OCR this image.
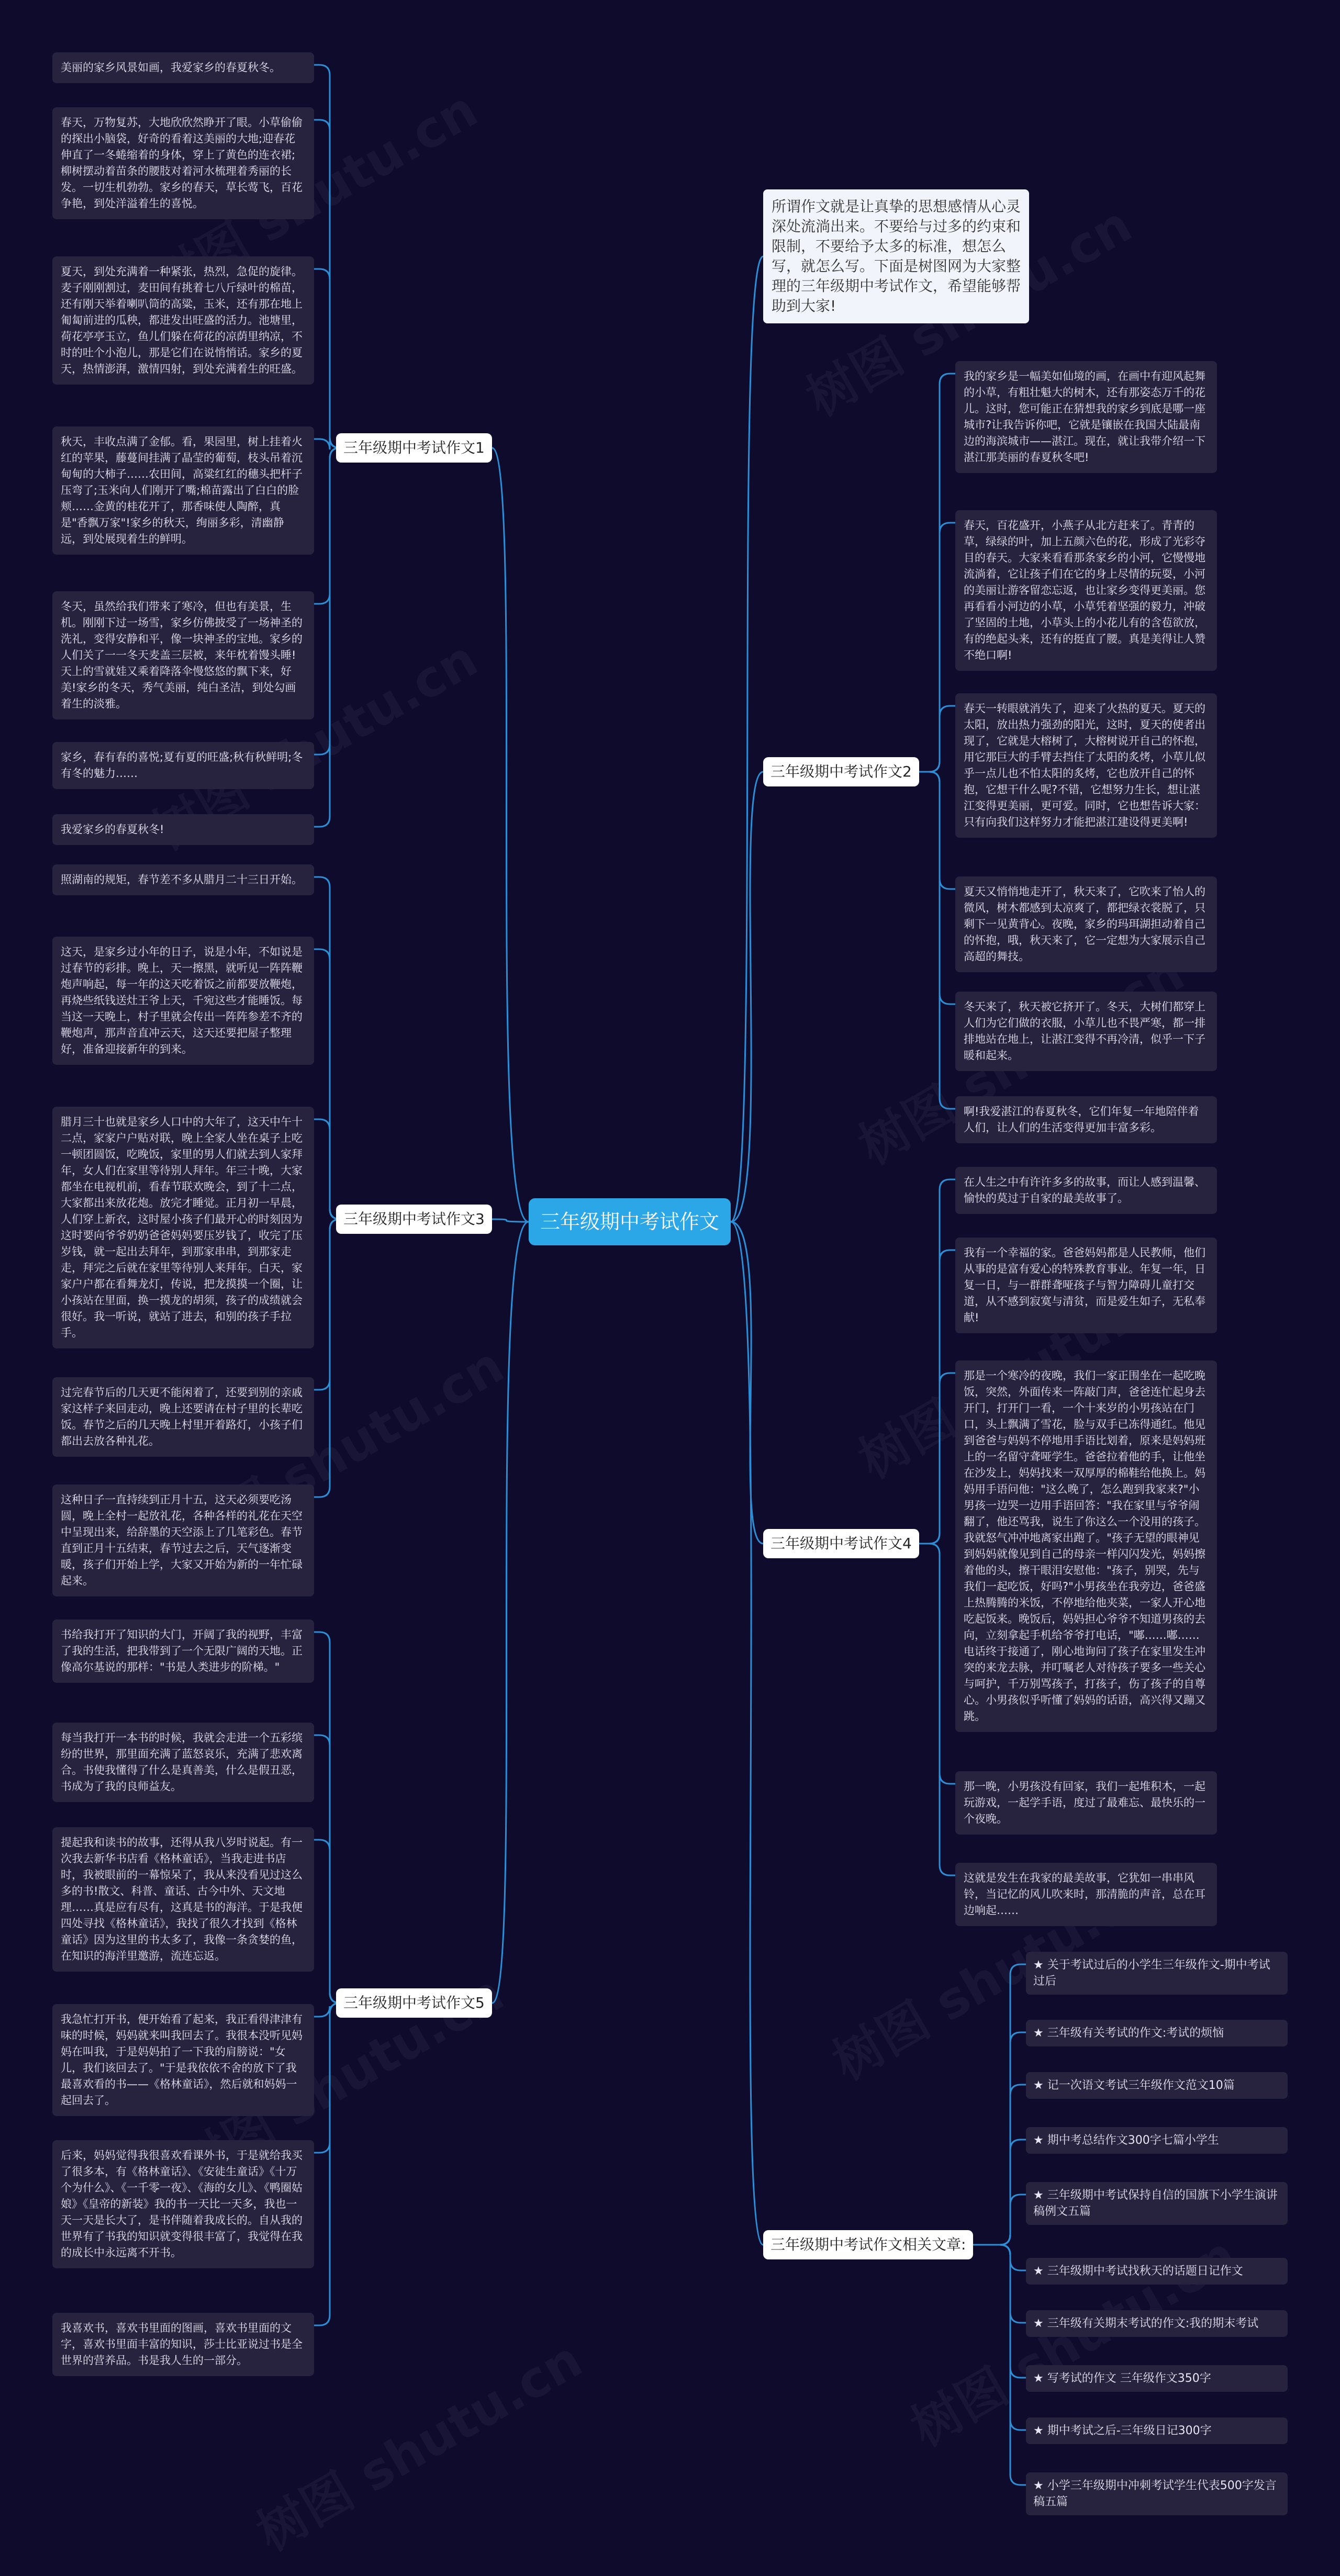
三年级期中考试作文
所谓作文就是让真挚的思想感情从心灵深处流淌出来。不要给与过多的约束和限制，不要给予太多的标准，想怎么写，就怎么写。下面是树图网为大家整理的三年级期中考试作文，希望能够帮助到大家!
三年级期中考试作文1
三年级期中考试作文2
三年级期中考试作文3
三年级期中考试作文4
三年级期中考试作文5
三年级期中考试作文相关文章:
美丽的家乡风景如画，我爱家乡的春夏秋冬。
春天，万物复苏，大地欣欣然睁开了眼。小草偷偷的探出小脑袋，好奇的看着这美丽的大地;迎春花伸直了一冬蜷缩着的身体，穿上了黄色的连衣裙;柳树摆动着苗条的腰肢对着河水梳理着秀丽的长发。一切生机勃勃。家乡的春天，草长莺飞，百花争艳，到处洋溢着生的喜悦。
夏天，到处充满着一种紧张，热烈，急促的旋律。麦子刚刚割过，麦田间有挑着七八斤绿叶的棉苗，还有刚天举着喇叭筒的高粱，玉米，还有那在地上匍匐前进的瓜秧，都进发出旺盛的活力。池塘里，荷花亭亭玉立，鱼儿们躲在荷花的凉荫里纳凉，不时的吐个小泡儿，那是它们在说悄悄话。家乡的夏天，热情澎湃，激情四射，到处充满着生的旺盛。
秋天，丰收点满了金郁。看，果园里，树上挂着火红的苹果，藤蔓间挂满了晶莹的葡萄，枝头吊着沉甸甸的大柿子……农田间，高粱红红的穗头把杆子压弯了;玉米向人们刚开了嘴;棉苗露出了白白的脸颊……金黄的桂花开了，那香味使人陶醉，真是"香飘万家"!家乡的秋天，绚丽多彩，清幽静远，到处展现着生的鲜明。
冬天，虽然给我们带来了寒冷，但也有美景，生机。刚刚下过一场雪，家乡仿佛披受了一场神圣的洗礼，变得安静和平，像一块神圣的宝地。家乡的人们关了一一冬天麦盖三层被，来年枕着馒头睡!天上的雪就娃又乘着降落伞慢悠悠的飘下来，好美!家乡的冬天，秀气美丽，纯白圣洁，到处勾画着生的淡雅。
家乡，春有春的喜悦;夏有夏的旺盛;秋有秋鲜明;冬有冬的魅力……
我爱家乡的春夏秋冬!
我的家乡是一幅美如仙境的画，在画中有迎风起舞的小草，有粗壮魁大的树木，还有那姿态万千的花儿。这时，您可能正在猜想我的家乡到底是哪一座城市?让我告诉你吧，它就是镶嵌在我国大陆最南边的海滨城市——湛江。现在，就让我带介绍一下湛江那美丽的春夏秋冬吧!
春天，百花盛开，小燕子从北方赶来了。青青的草，绿绿的叶，加上五颜六色的花，形成了光彩夺目的春天。大家来看看那条家乡的小河，它慢慢地流淌着，它让孩子们在它的身上尽情的玩耍，小河的美丽让游客留恋忘返，也让家乡变得更美丽。您再看看小河边的小草，小草凭着坚强的毅力，冲破了坚固的土地，小草头上的小花儿有的含苞欲放，有的绝起头来，还有的挺直了腰。真是美得让人赞不绝口啊!
春天一转眼就消失了，迎来了火热的夏天。夏天的太阳，放出热力强劲的阳光，这时，夏天的使者出现了，它就是大榕树了，大榕树说开自己的怀抱，用它那巨大的手臂去挡住了太阳的炙烤，小草儿似乎一点儿也不怕太阳的炙烤，它也放开自己的怀抱，它想干什么呢?不错，它想努力生长，想让湛江变得更美丽，更可爱。同时，它也想告诉大家：只有向我们这样努力才能把湛江建设得更美啊!
夏天又悄悄地走开了，秋天来了，它吹来了怡人的微风，树木都感到太凉爽了，都把绿衣裳脱了，只剩下一见黄背心。夜晚，家乡的玛珥湖担动着自己的怀抱，哦，秋天来了，它一定想为大家展示自己高超的舞技。
冬天来了，秋天被它挤开了。冬天，大树们都穿上人们为它们做的衣服，小草儿也不畏严寒，都一排排地站在地上，让湛江变得不再冷清，似乎一下子暖和起来。
啊!我爱湛江的春夏秋冬，它们年复一年地陪伴着人们，让人们的生活变得更加丰富多彩。
照湖南的规矩，春节差不多从腊月二十三日开始。
这天，是家乡过小年的日子，说是小年，不如说是过春节的彩排。晚上，天一擦黑，就听见一阵阵鞭炮声响起，每一年的这天吃着饭之前都要放鞭炮，再烧些纸钱送灶王爷上天，千宛这些才能睡饭。每当这一天晚上，村子里就会传出一阵阵参差不齐的鞭炮声，那声音直冲云天，这天还要把屋子整理好，准备迎接新年的到来。
腊月三十也就是家乡人口中的大年了，这天中午十二点，家家户户贴对联，晚上全家人坐在桌子上吃一顿团圆饭，吃晚饭，家里的男人们就去到人家拜年，女人们在家里等待别人拜年。年三十晚，大家都坐在电视机前，看春节联欢晚会，到了十二点，大家都出来放花炮。放完才睡觉。正月初一早晨，人们穿上新衣，这时屋小孩子们最开心的时刻因为这时要向爷爷奶奶爸爸妈妈要压岁钱了，收完了压岁钱，就一起出去拜年，到那家串串，到那家走走，拜完之后就在家里等待别人来拜年。白天，家家户户都在看舞龙灯，传说，把龙摸摸一个圈，让小孩站在里面，换一摸龙的胡须，孩子的成绩就会很好。我一听说，就站了进去，和别的孩子手拉手。
过完春节后的几天更不能闲着了，还要到别的亲戚家这样子来回走动，晚上还要请在村子里的长辈吃饭。春节之后的几天晚上村里开着路灯，小孩子们都出去放各种礼花。
这种日子一直持续到正月十五，这天必须要吃汤圆，晚上全村一起放礼花，各种各样的礼花在天空中呈现出来，给辞墨的天空添上了几笔彩色。春节直到正月十五结束，春节过去之后，天气逐渐变暖，孩子们开始上学，大家又开始为新的一年忙碌起来。
在人生之中有许许多多的故事，而让人感到温馨、愉快的莫过于自家的最美故事了。
我有一个幸福的家。爸爸妈妈都是人民教师，他们从事的是富有爱心的特殊教育事业。年复一年，日复一日，与一群群聋哑孩子与智力障碍儿童打交道，从不感到寂寞与清贫，而是爱生如子，无私奉献!
那是一个寒冷的夜晚，我们一家正围坐在一起吃晚饭，突然，外面传来一阵敲门声，爸爸连忙起身去开门，打开门一看，一个十来岁的小男孩站在门口，头上飘满了雪花，脸与双手已冻得通红。他见到爸爸与妈妈不停地用手语比划着，原来是妈妈班上的一名留守聋哑学生。爸爸拉着他的手，让他坐在沙发上，妈妈找来一双厚厚的棉鞋给他换上。妈妈用手语问他："这么晚了，怎么跑到我家来?"小男孩一边哭一边用手语回答："我在家里与爷爷闹翻了，他还骂我，说生了你这么一个没用的孩子。我就怒气冲冲地离家出跑了。"孩子无望的眼神见到妈妈就像见到自己的母亲一样闪闪发光，妈妈擦着他的头，擦干眼泪安慰他："孩子，别哭，先与我们一起吃饭，好吗?"小男孩坐在我旁边，爸爸盛上热腾腾的米饭，不停地给他夹菜，一家人开心地吃起饭来。晚饭后，妈妈担心爷爷不知道男孩的去向，立刻拿起手机给爷爷打电话，"嘟……嘟……电话终于接通了，刚心地询问了孩子在家里发生冲突的来龙去脉，并叮嘱老人对待孩子要多一些关心与呵护，千万别骂孩子，打孩子，伤了孩子的自尊心。小男孩似乎听懂了妈妈的话语，高兴得又蹦又跳。
那一晚，小男孩没有回家，我们一起堆积木，一起玩游戏，一起学手语，度过了最难忘、最快乐的一个夜晚。
这就是发生在我家的最美故事，它犹如一串串风铃，当记忆的风儿吹来时，那清脆的声音，总在耳边响起……
书给我打开了知识的大门，开阔了我的视野，丰富了我的生活，把我带到了一个无限广阔的天地。正像高尔基说的那样："书是人类进步的阶梯。"
每当我打开一本书的时候，我就会走进一个五彩缤纷的世界，那里面充满了蓝怒哀乐，充满了悲欢离合。书使我懂得了什么是真善美，什么是假丑恶，书成为了我的良师益友。
提起我和读书的故事，还得从我八岁时说起。有一次我去新华书店看《格林童话》，当我走进书店时，我被眼前的一幕惊呆了，我从来没看见过这么多的书!散文、科普、童话、古今中外、天文地理……真是应有尽有，这真是书的海洋。于是我便四处寻找《格林童话》，我找了很久才找到《格林童话》因为这里的书太多了，我像一条贪婪的鱼，在知识的海洋里邀游，流连忘返。
我急忙打开书，便开始看了起来，我正看得津津有味的时候，妈妈就来叫我回去了。我很本没听见妈妈在叫我，于是妈妈拍了一下我的肩膀说："女儿，我们该回去了。"于是我依依不舍的放下了我最喜欢看的书——《格林童话》，然后就和妈妈一起回去了。
后来，妈妈觉得我很喜欢看课外书，于是就给我买了很多本，有《格林童话》、《安徒生童话》《十万个为什么》、《一千零一夜》、《海的女儿》、《鸭圈姑娘》《皇帝的新装》我的书一天比一天多，我也一天一天是长大了，是书伴随着我成长的。自从我的世界有了书我的知识就变得很丰富了，我觉得在我的成长中永远离不开书。
我喜欢书，喜欢书里面的图画，喜欢书里面的文字，喜欢书里面丰富的知识，莎士比亚说过书是全世界的营养品。书是我人生的一部分。
★ 关于考试过后的小学生三年级作文-期中考试过后
★ 三年级有关考试的作文:考试的烦恼
★ 记一次语文考试三年级作文范文10篇
★ 期中考总结作文300字七篇小学生
★ 三年级期中考试保持自信的国旗下小学生演讲稿例文五篇
★ 三年级期中考试找秋天的话题日记作文
★ 三年级有关期末考试的作文:我的期末考试
★ 写考试的作文 三年级作文350字
★ 期中考试之后-三年级日记300字
★ 小学三年级期中冲刺考试学生代表500字发言稿五篇
